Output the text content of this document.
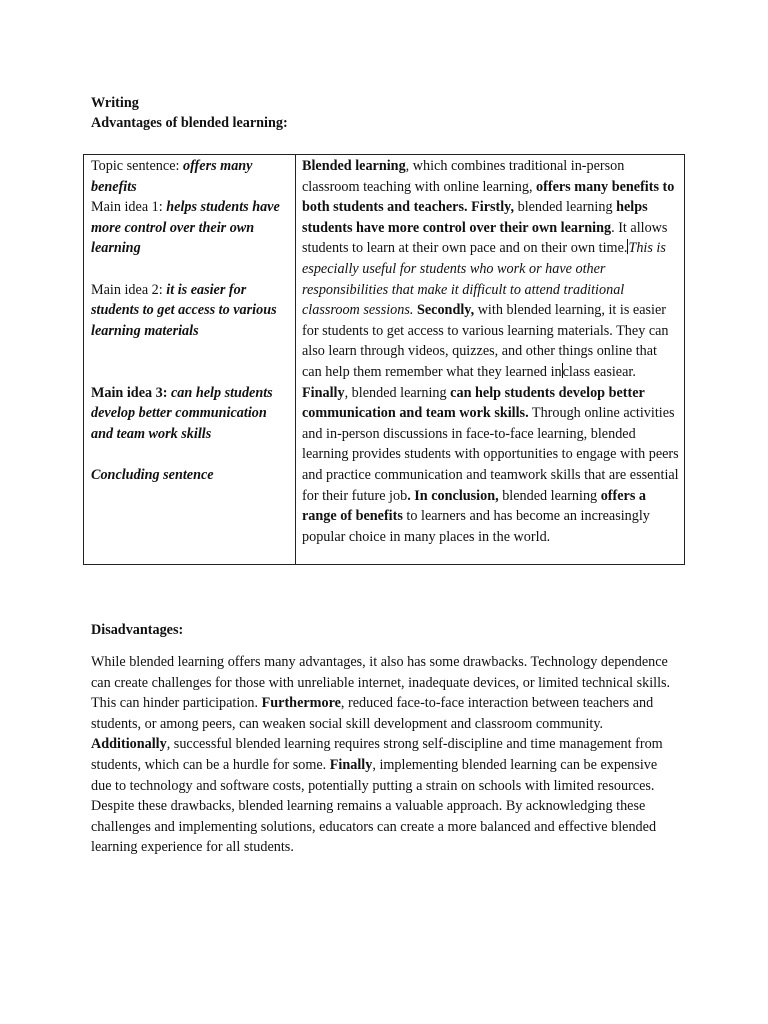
Writing
Advantages of blended learning:
Topic sentence: offers many benefits
Main idea 1: helps students have more control over their own learning
Main idea 2: it is easier for students to get access to various learning materials
Main idea 3: can help students develop better communication and team work skills
Concluding sentence
Blended learning, which combines traditional in-person classroom teaching with online learning, offers many benefits to both students and teachers. Firstly, blended learning helps students have more control over their own learning. It allows students to learn at their own pace and on their own time.This is especially useful for students who work or have other responsibilities that make it difficult to attend traditional classroom sessions. Secondly, with blended learning, it is easier for students to get access to various learning materials. They can also learn through videos, quizzes, and other things online that can help them remember what they learned inclass easiear. Finally, blended learning can help students develop better communication and team work skills. Through online activities and in-person discussions in face-to-face learning, blended learning provides students with opportunities to engage with peers and practice communication and teamwork skills that are essential for their future job. In conclusion, blended learning offers a range of benefits to learners and has become an increasingly popular choice in many places in the world.
Disadvantages:

While blended learning offers many advantages, it also has some drawbacks. Technology dependence can create challenges for those with unreliable internet, inadequate devices, or limited technical skills. This can hinder participation. Furthermore, reduced face-to-face interaction between teachers and students, or among peers, can weaken social skill development and classroom community. Additionally, successful blended learning requires strong self-discipline and time management from students, which can be a hurdle for some. Finally, implementing blended learning can be expensive due to technology and software costs, potentially putting a strain on schools with limited resources. Despite these drawbacks, blended learning remains a valuable approach. By acknowledging these challenges and implementing solutions, educators can create a more balanced and effective blended learning experience for all students.
